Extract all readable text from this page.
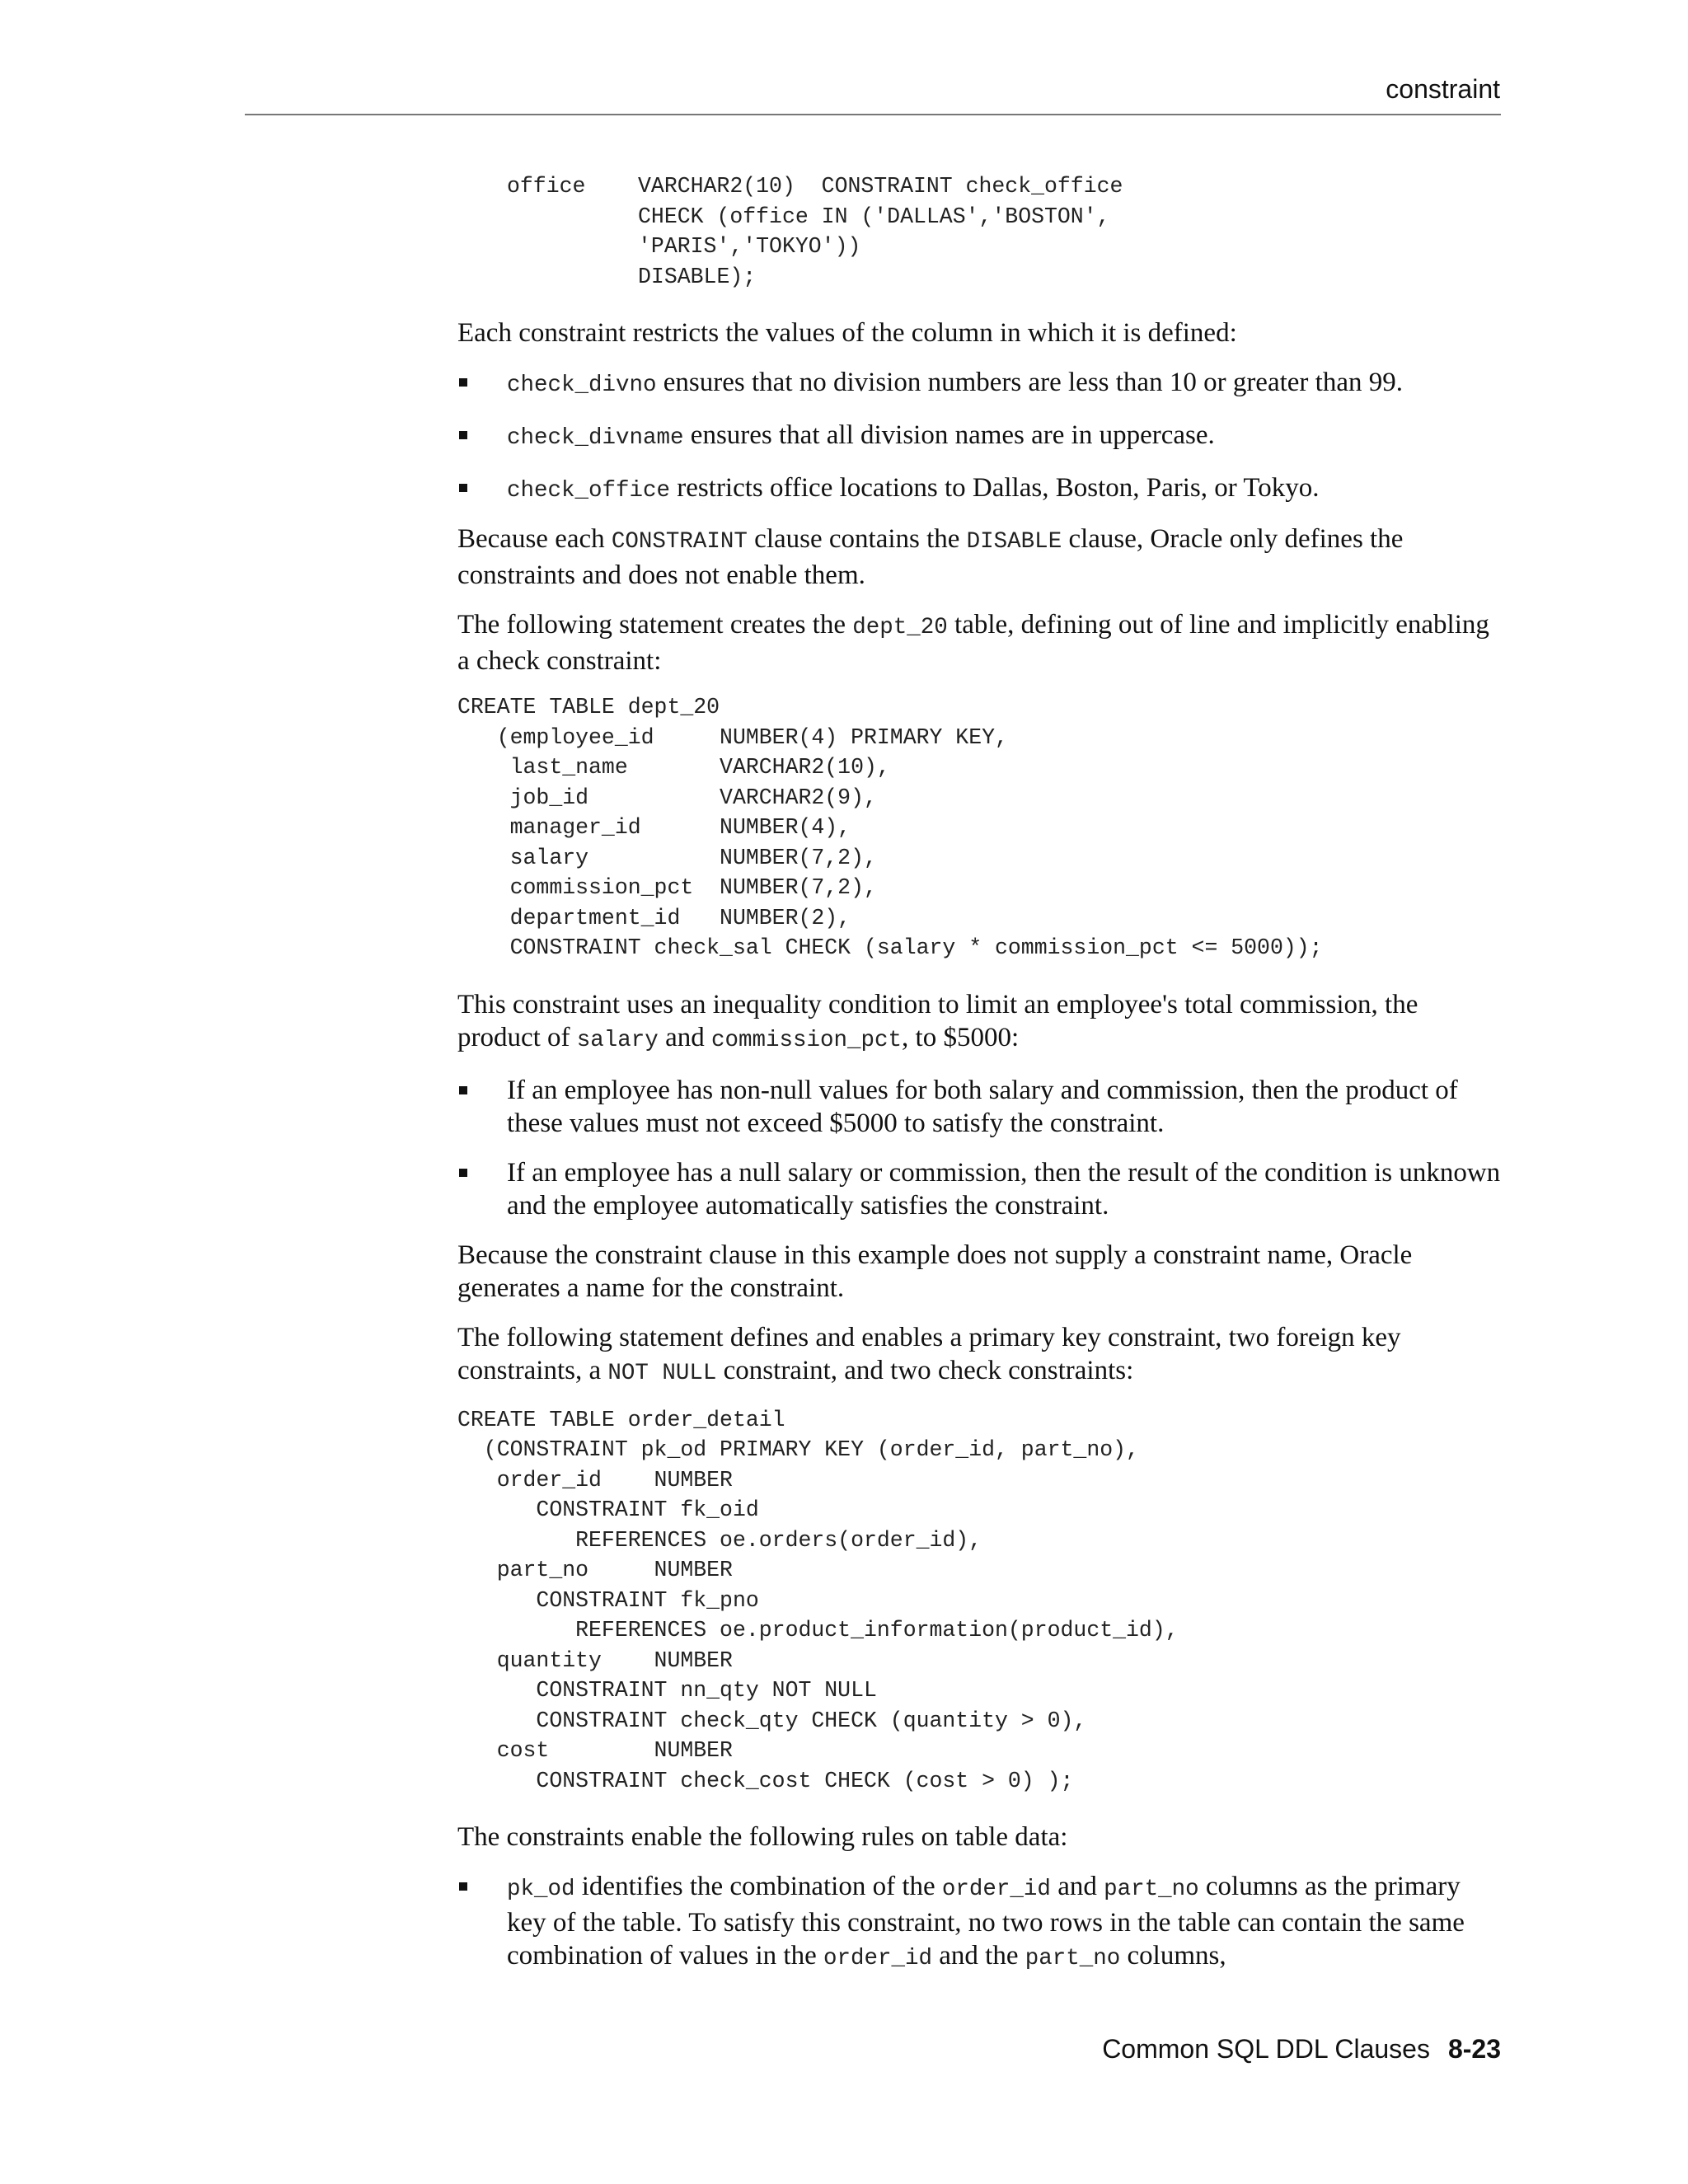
constraint
office    VARCHAR2(10)  CONSTRAINT check_office
CHECK (office IN ('DALLAS','BOSTON',
'PARIS','TOKYO'))
DISABLE);

Each constraint restricts the values of the column in which it is defined:

check_divno ensures that no division numbers are less than 10 or greater than 99.
check_divname ensures that all division names are in uppercase.
check_office restricts office locations to Dallas, Boston, Paris, or Tokyo.

Because each CONSTRAINT clause contains the DISABLE clause, Oracle only defines the constraints and does not enable them.

The following statement creates the dept_20 table, defining out of line and implicitly enabling a check constraint:

CREATE TABLE dept_20
(employee_id     NUMBER(4) PRIMARY KEY,
last_name       VARCHAR2(10),
job_id          VARCHAR2(9),
manager_id      NUMBER(4),
salary          NUMBER(7,2),
commission_pct  NUMBER(7,2),
department_id   NUMBER(2),
CONSTRAINT check_sal CHECK (salary * commission_pct <= 5000));

This constraint uses an inequality condition to limit an employee's total commission, the product of salary and commission_pct, to $5000:

If an employee has non-null values for both salary and commission, then the product of these values must not exceed $5000 to satisfy the constraint.
If an employee has a null salary or commission, then the result of the condition is unknown and the employee automatically satisfies the constraint.

Because the constraint clause in this example does not supply a constraint name, Oracle generates a name for the constraint.

The following statement defines and enables a primary key constraint, two foreign key constraints, a NOT NULL constraint, and two check constraints:

CREATE TABLE order_detail
(CONSTRAINT pk_od PRIMARY KEY (order_id, part_no),
order_id    NUMBER
CONSTRAINT fk_oid
REFERENCES oe.orders(order_id),
part_no     NUMBER
CONSTRAINT fk_pno
REFERENCES oe.product_information(product_id),
quantity    NUMBER
CONSTRAINT nn_qty NOT NULL
CONSTRAINT check_qty CHECK (quantity > 0),
cost        NUMBER
CONSTRAINT check_cost CHECK (cost > 0) );

The constraints enable the following rules on table data:

pk_od identifies the combination of the order_id and part_no columns as the primary key of the table. To satisfy this constraint, no two rows in the table can contain the same combination of values in the order_id and the part_no columns,
Common SQL DDL Clauses 8-23
